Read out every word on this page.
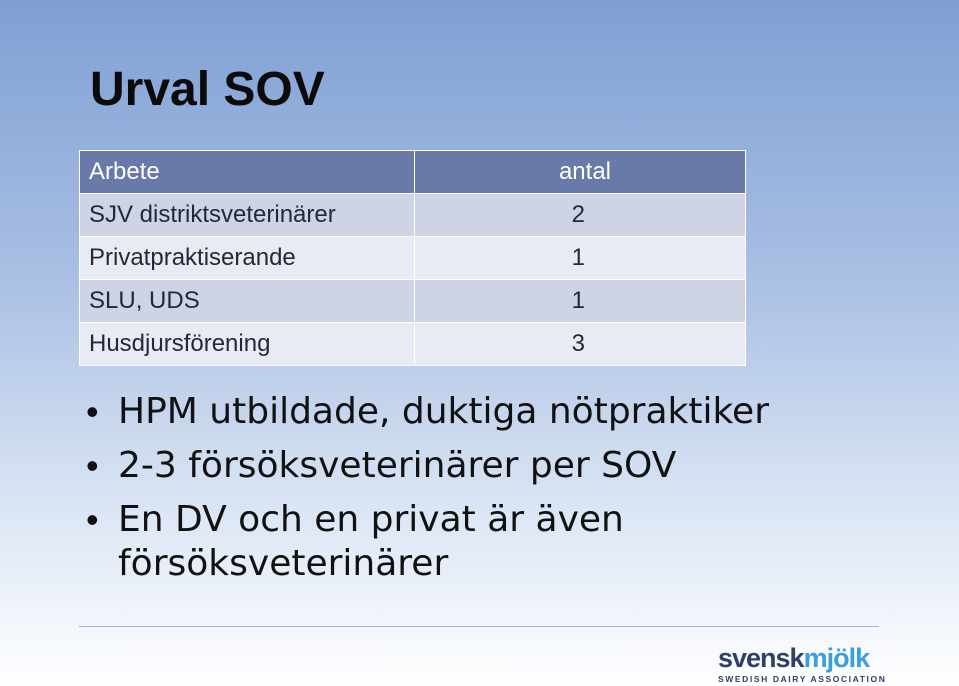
Urval SOV
Arbete	antal
SJV distriktsveterinärer	2
Privatpraktiserande	1
SLU, UDS	1
Husdjursförening	3
• HPM utbildade, duktiga nötpraktiker
• 2-3 försöksveterinärer per SOV
• En DV och en privat är även försöksveterinärer
svenskmjölk
SWEDISH DAIRY ASSOCIATION
